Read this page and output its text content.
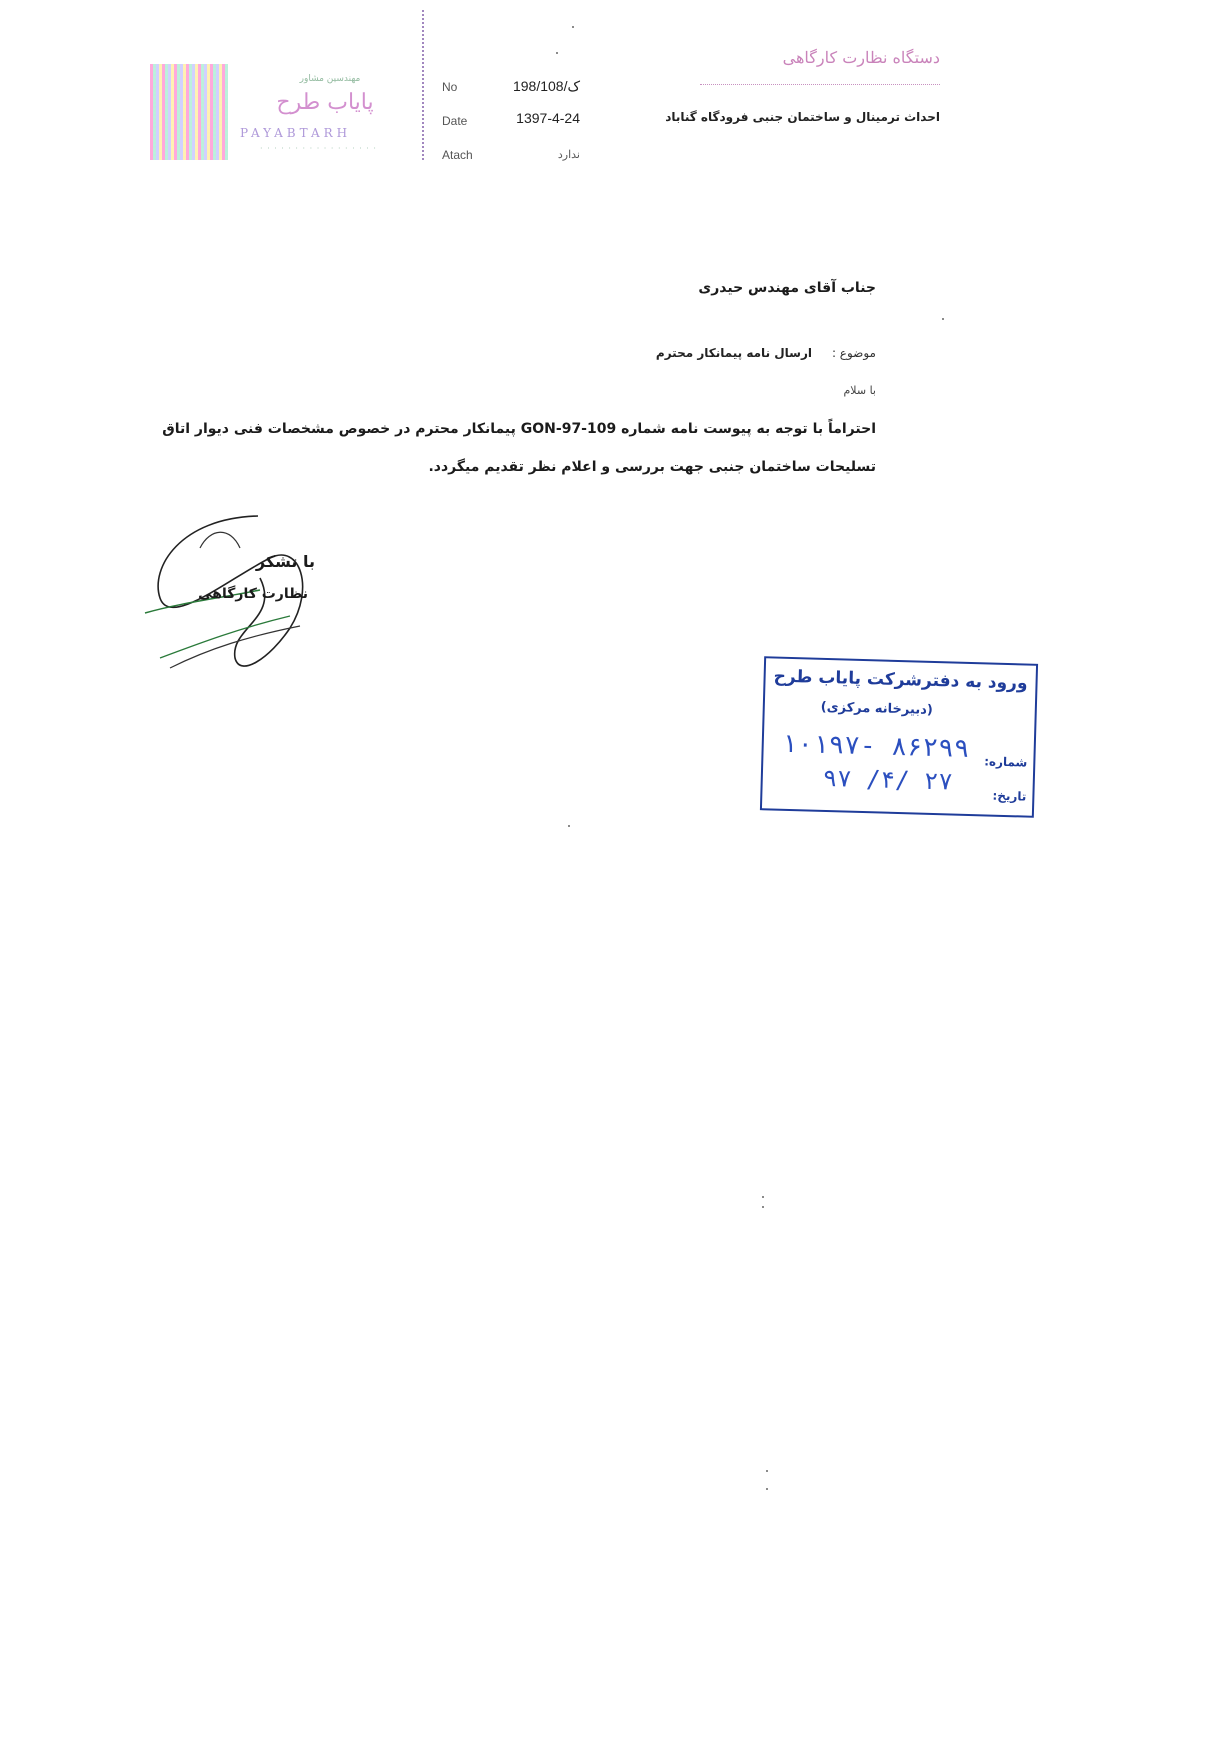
مهندسین مشاور
پایاب طرح
PAYABTARH
· · · · · · · · · · · · · · · · ·
No	198/ک/108
Date	1397-4-24
Atach	ندارد
دستگاه نظارت کارگاهی
احداث ترمینال و ساختمان جنبی فرودگاه گناباد
جناب آقای مهندس حیدری
موضوع :
ارسال نامه پیمانکار محترم
با سلام
احتراماً با توجه به پیوست نامه شماره GON-97-109 پیمانکار محترم در خصوص مشخصات فنی دیوار اتاق تسلیحات ساختمان جنبی جهت بررسی و اعلام نظر تقدیم میگردد.
با تشکر
نظارت کارگاهی
ورود به دفترشرکت پایاب طرح
(دبیرخانه مرکزی)
شماره:
۱۰۱۹۷- ۸۶۲۹۹
تاریخ:
۹۷ /۴/ ۲۷
